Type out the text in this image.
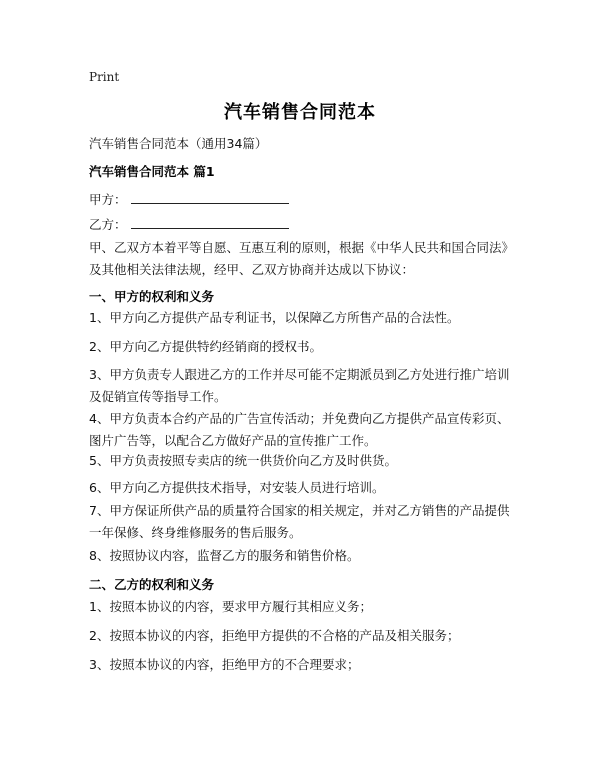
Print
汽车销售合同范本
汽车销售合同范本（通用34篇）
汽车销售合同范本 篇1
甲方：
乙方：
甲、乙双方本着平等自愿、互惠互利的原则，根据《中华人民共和国合同法》及其他相关法律法规，经甲、乙双方协商并达成以下协议：
一、甲方的权利和义务
1、甲方向乙方提供产品专利证书，以保障乙方所售产品的合法性。
2、甲方向乙方提供特约经销商的授权书。
3、甲方负责专人跟进乙方的工作并尽可能不定期派员到乙方处进行推广培训及促销宣传等指导工作。
4、甲方负责本合约产品的广告宣传活动；并免费向乙方提供产品宣传彩页、图片广告等，以配合乙方做好产品的宣传推广工作。
5、甲方负责按照专卖店的统一供货价向乙方及时供货。
6、甲方向乙方提供技术指导，对安装人员进行培训。
7、甲方保证所供产品的质量符合国家的相关规定，并对乙方销售的产品提供一年保修、终身维修服务的售后服务。
8、按照协议内容，监督乙方的服务和销售价格。
二、乙方的权利和义务
1、按照本协议的内容，要求甲方履行其相应义务；
2、按照本协议的内容，拒绝甲方提供的不合格的产品及相关服务；
3、按照本协议的内容，拒绝甲方的不合理要求；
